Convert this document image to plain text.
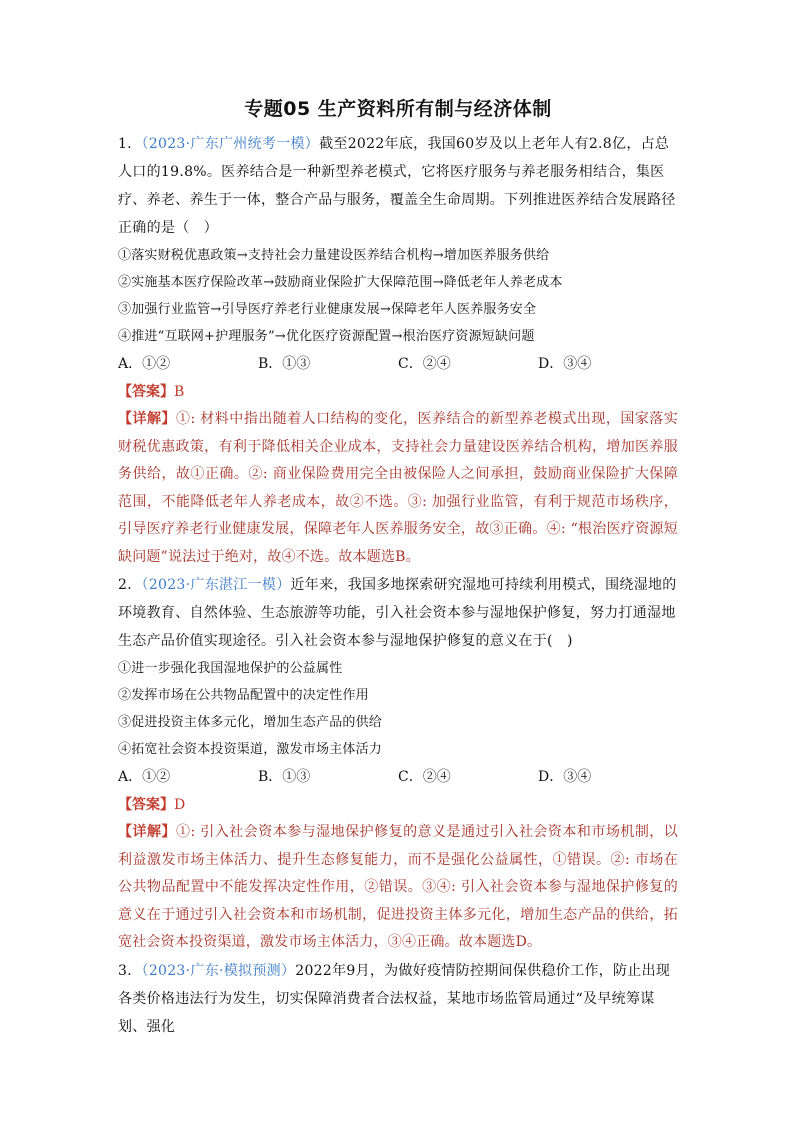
专题05 生产资料所有制与经济体制

1．（2023·广东广州统考一模）截至2022年底，我国60岁及以上老年人有2.8亿，占总人口的19.8%。医养结合是一种新型养老模式，它将医疗服务与养老服务相结合，集医疗、养老、养生于一体，整合产品与服务，覆盖全生命周期。下列推进医养结合发展路径正确的是（　）

①落实财税优惠政策→支持社会力量建设医养结合机构→增加医养服务供给

②实施基本医疗保险改革→鼓励商业保险扩大保障范围→降低老年人养老成本

③加强行业监管→引导医疗养老行业健康发展→保障老年人医养服务安全

④推进“互联网+护理服务”→优化医疗资源配置→根治医疗资源短缺问题

A．①②	B．①③	C．②④	D．③④

【答案】B

【详解】①: 材料中指出随着人口结构的变化，医养结合的新型养老模式出现，国家落实财税优惠政策，有利于降低相关企业成本，支持社会力量建设医养结合机构，增加医养服务供给，故①正确。②: 商业保险费用完全由被保险人之间承担，鼓励商业保险扩大保障范围，不能降低老年人养老成本，故②不选。③: 加强行业监管，有利于规范市场秩序，引导医疗养老行业健康发展，保障老年人医养服务安全，故③正确。④: “根治医疗资源短缺问题”说法过于绝对，故④不选。故本题选B。

2．（2023·广东湛江一模）近年来，我国多地探索研究湿地可持续利用模式，围绕湿地的环境教育、自然体验、生态旅游等功能，引入社会资本参与湿地保护修复，努力打通湿地生态产品价值实现途径。引入社会资本参与湿地保护修复的意义在于(　)

①进一步强化我国湿地保护的公益属性

②发挥市场在公共物品配置中的决定性作用

③促进投资主体多元化，增加生态产品的供给

④拓宽社会资本投资渠道，激发市场主体活力

A．①②	B．①③	C．②④	D．③④

【答案】D

【详解】①: 引入社会资本参与湿地保护修复的意义是通过引入社会资本和市场机制，以利益激发市场主体活力、提升生态修复能力，而不是强化公益属性，①错误。②: 市场在公共物品配置中不能发挥决定性作用，②错误。③④: 引入社会资本参与湿地保护修复的意义在于通过引入社会资本和市场机制，促进投资主体多元化，增加生态产品的供给，拓宽社会资本投资渠道，激发市场主体活力，③④正确。故本题选D。

3．（2023·广东·模拟预测）2022年9月，为做好疫情防控期间保供稳价工作，防止出现各类价格违法行为发生，切实保障消费者合法权益，某地市场监管局通过“及早统筹谋划、强化
